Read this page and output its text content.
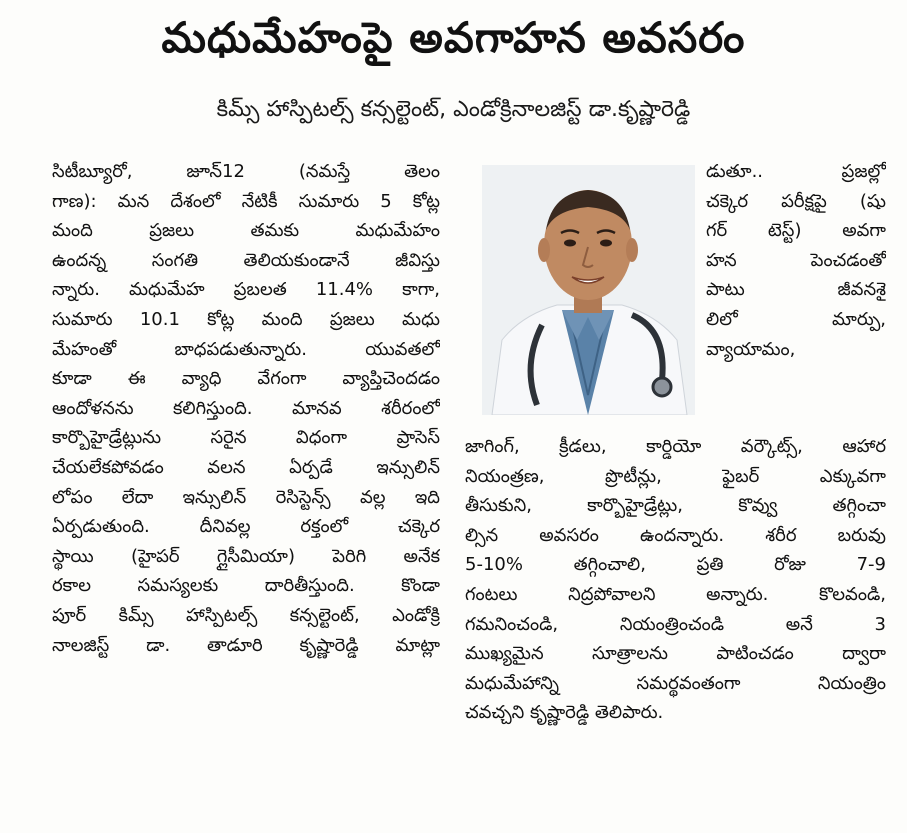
మధుమేహంపై అవగాహన అవసరం
కిమ్స్ హాస్పిటల్స్ కన్సల్టెంట్, ఎండోక్రినాలజిస్ట్ డా.కృష్ణారెడ్డి
సిటీబ్యూరో, జూన్12 (నమస్తే తెలం
గాణ): మన దేశంలో నేటికీ సుమారు 5 కోట్ల
మంది ప్రజలు తమకు మధుమేహం
ఉందన్న సంగతి తెలియకుండానే జీవిస్తు
న్నారు. మధుమేహ ప్రబలత 11.4% కాగా,
సుమారు 10.1 కోట్ల మంది ప్రజలు మధు
మేహంతో బాధపడుతున్నారు. యువతలో
కూడా ఈ వ్యాధి వేగంగా వ్యాప్తిచెందడం
ఆందోళనను కలిగిస్తుంది. మానవ శరీరంలో
కార్బొహైడ్రేట్లును సరైన విధంగా ప్రాసెస్
చేయలేకపోవడం వలన ఏర్పడే ఇన్సులిన్
లోపం లేదా ఇన్సులిన్ రెసిస్టెన్స్ వల్ల ఇది
ఏర్పడుతుంది. దీనివల్ల రక్తంలో చక్కెర
స్థాయి (హైపర్ గ్లైసీమియా) పెరిగి అనేక
రకాల సమస్యలకు దారితీస్తుంది. కొండా
పూర్ కిమ్స్ హాస్పిటల్స్ కన్సల్టెంట్, ఎండోక్రి
నాలజిస్ట్ డా. తాడూరి కృష్ణారెడ్డి మాట్లా
డుతూ.. ప్రజల్లో
చక్కెర పరీక్షపై (షు
గర్ టెస్ట్) అవగా
హన పెంచడంతో
పాటు జీవనశై
లిలో మార్పు,
వ్యాయామం,
జాగింగ్, క్రీడలు, కార్డియో వర్కౌట్స్, ఆహార
నియంత్రణ, ప్రొటీన్లు, ఫైబర్ ఎక్కువగా
తీసుకుని, కార్బొహైడ్రేట్లు, కొవ్వు తగ్గించా
ల్సిన అవసరం ఉందన్నారు. శరీర బరువు
5-10% తగ్గించాలి, ప్రతి రోజు 7-9
గంటలు నిద్రపోవాలని అన్నారు. కొలవండి,
గమనించండి, నియంత్రించండి అనే 3
ముఖ్యమైన సూత్రాలను పాటించడం ద్వారా
మధుమేహాన్ని సమర్థవంతంగా నియంత్రిం
చవచ్చని కృష్ణారెడ్డి తెలిపారు.
